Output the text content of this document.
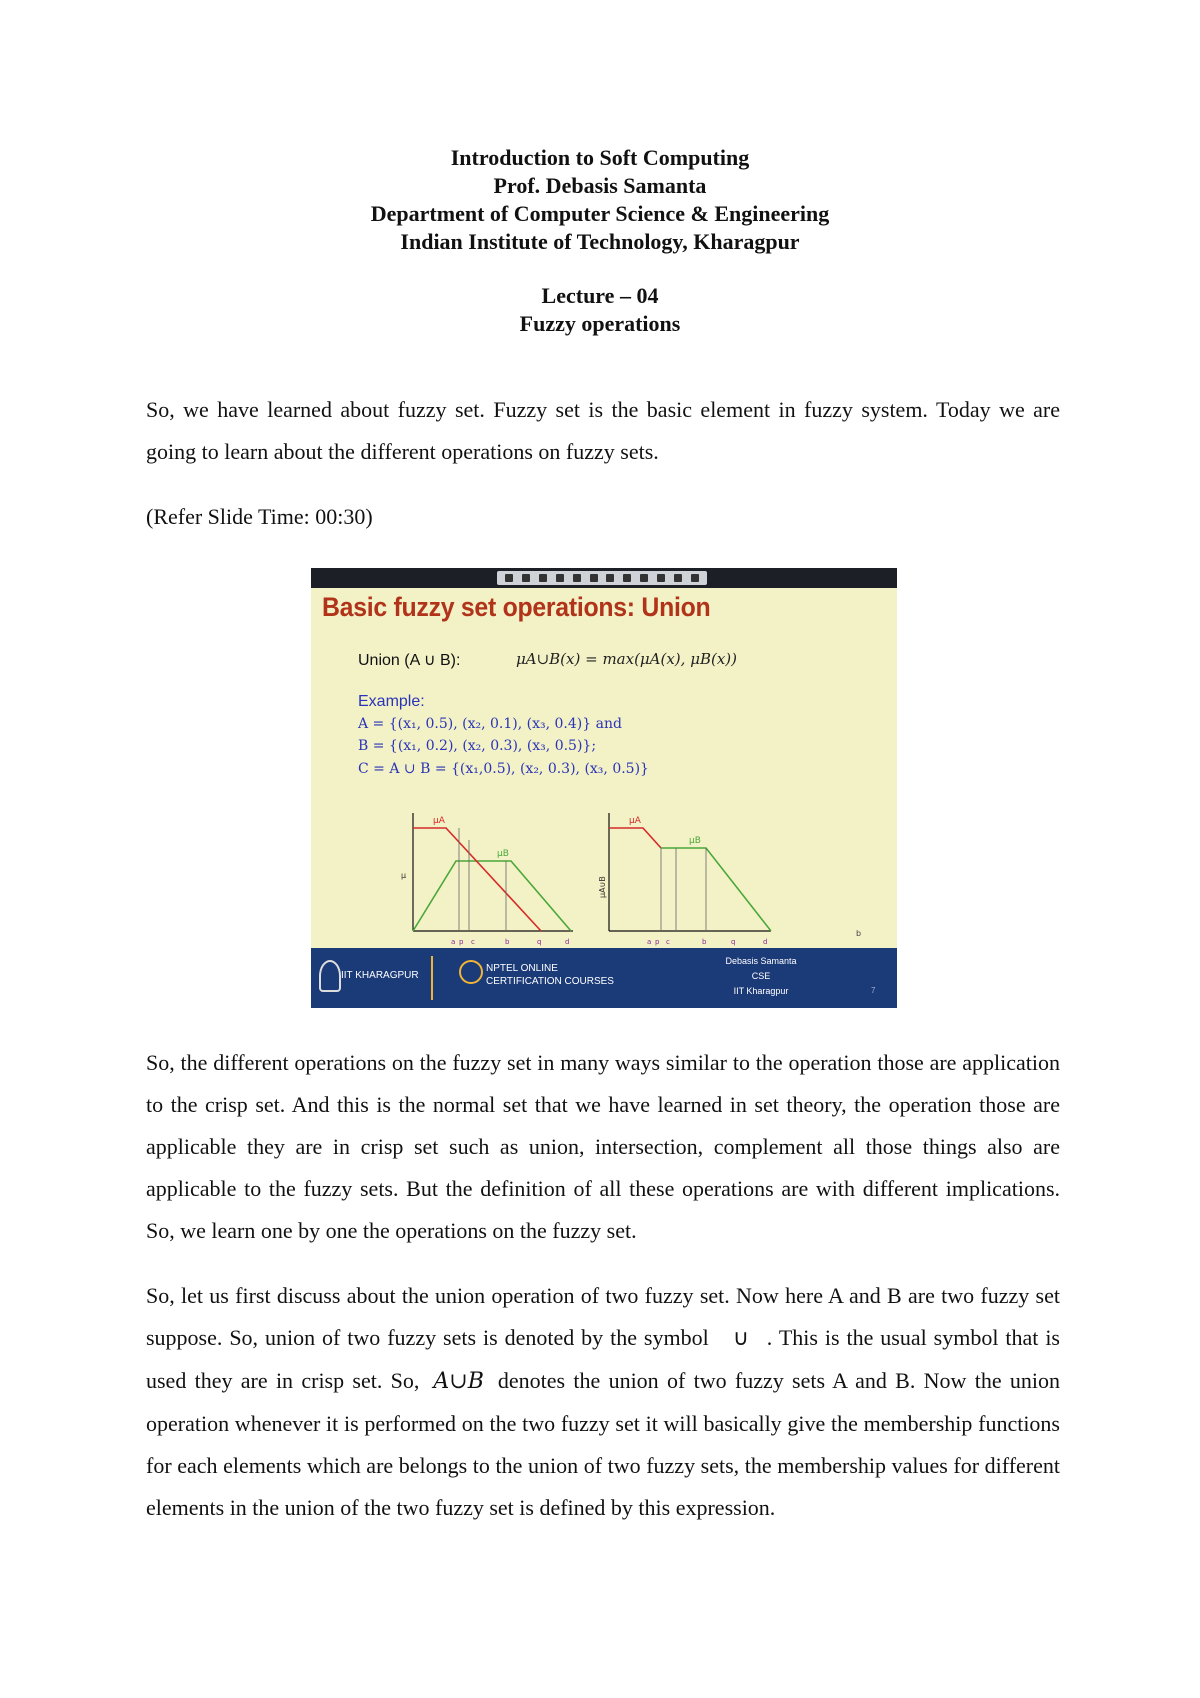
Introduction to Soft Computing
Prof. Debasis Samanta
Department of Computer Science & Engineering
Indian Institute of Technology, Kharagpur
Lecture – 04
Fuzzy operations

So, we have learned about fuzzy set. Fuzzy set is the basic element in fuzzy system. Today we are going to learn about the different operations on fuzzy sets.

(Refer Slide Time: 00:30)

Basic fuzzy set operations: Union
Union (A ∪ B):	μA∪B(x) = max(μA(x), μB(x))
Example:
A = {(x₁, 0.5), (x₂, 0.1), (x₃, 0.4)} and
B = {(x₁, 0.2), (x₂, 0.3), (x₃, 0.5)};
C = A ∪ B = {(x₁,0.5), (x₂, 0.3), (x₃, 0.5)}
μA
μB
μ
a p c	b	q	d
μA
μB
μA∪B
a p c	b	q	d
b
IIT KHARAGPUR
NPTEL ONLINE
CERTIFICATION COURSES
Debasis Samanta
CSE
IIT Kharagpur	7

So, the different operations on the fuzzy set in many ways similar to the operation those are application to the crisp set. And this is the normal set that we have learned in set theory, the operation those are applicable they are in crisp set such as union, intersection, complement all those things also are applicable to the fuzzy sets. But the definition of all these operations are with different implications. So, we learn one by one the operations on the fuzzy set.

So, let us first discuss about the union operation of two fuzzy set. Now here A and B are two fuzzy set suppose. So, union of two fuzzy sets is denoted by the symbol ∪ . This is the usual symbol that is used they are in crisp set. So, A∪B denotes the union of two fuzzy sets A and B. Now the union operation whenever it is performed on the two fuzzy set it will basically give the membership functions for each elements which are belongs to the union of two fuzzy sets, the membership values for different elements in the union of the two fuzzy set is defined by this expression.
